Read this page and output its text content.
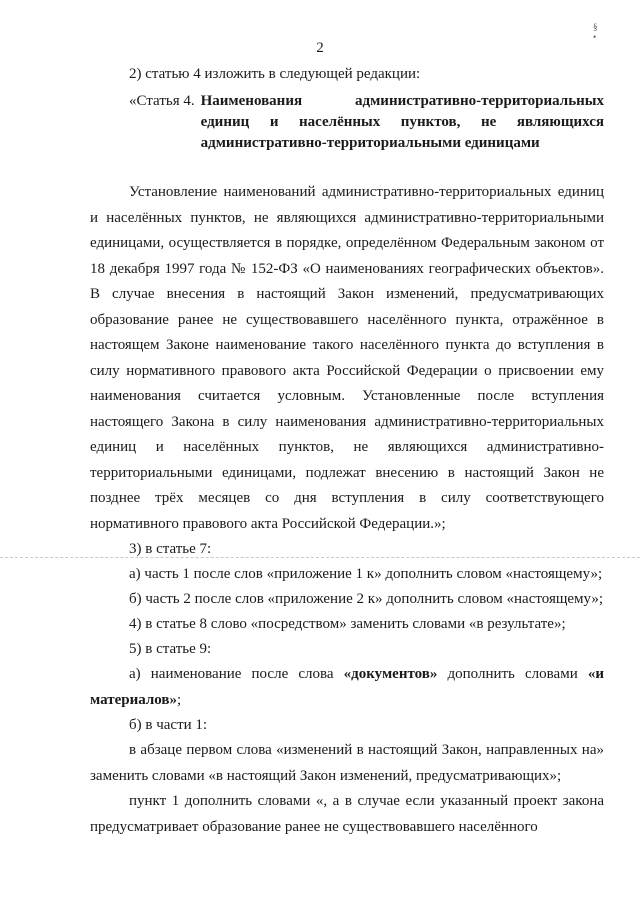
2
§
•

2) статью 4 изложить в следующей редакции:

«Статья 4. Наименования административно-территориальных единиц и населённых пунктов, не являющихся административно-территориальными единицами

Установление наименований административно-территориальных единиц и населённых пунктов, не являющихся административно-территориальными единицами, осуществляется в порядке, определённом Федеральным законом от 18 декабря 1997 года № 152-ФЗ «О наименованиях географических объектов». В случае внесения в настоящий Закон изменений, предусматривающих образование ранее не существовавшего населённого пункта, отражённое в настоящем Законе наименование такого населённого пункта до вступления в силу нормативного правового акта Российской Федерации о присвоении ему наименования считается условным. Установленные после вступления настоящего Закона в силу наименования административно-территориальных единиц и населённых пунктов, не являющихся административно-территориальными единицами, подлежат внесению в настоящий Закон не позднее трёх месяцев со дня вступления в силу соответствующего нормативного правового акта Российской Федерации.»;

3) в статье 7:

а) часть 1 после слов «приложение 1 к» дополнить словом «настоящему»;

б) часть 2 после слов «приложение 2 к» дополнить словом «настоящему»;

4) в статье 8 слово «посредством» заменить словами «в результате»;

5) в статье 9:

а) наименование после слова «документов» дополнить словами «и материалов»;

б) в части 1:

в абзаце первом слова «изменений в настоящий Закон, направленных на» заменить словами «в настоящий Закон изменений, предусматривающих»;

пункт 1 дополнить словами «, а в случае если указанный проект закона предусматривает образование ранее не существовавшего населённого
